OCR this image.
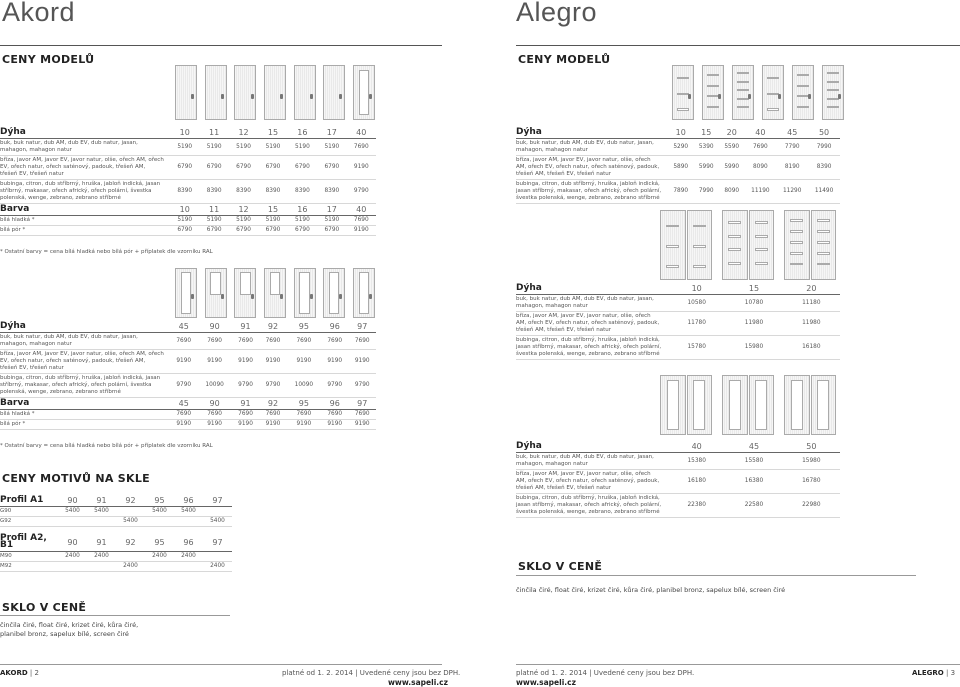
Akord
CENY MODELŮ
Dýha	10	11	12	15	16	17	40
buk, buk natur, dub AM, dub EV, dub natur, jasan, mahagon, mahagon natur	5190	5190	5190	5190	5190	5190	7690
bříza, javor AM, javor EV, javor natur, olše, ořech AM, ořech EV, ořech natur, ořech saténový, padouk, třešeň AM, třešeň EV, třešeň natur	6790	6790	6790	6790	6790	6790	9190
bubinga, citron, dub stříbrný, hruška, jabloň indická, jasan stříbrný, makasar, ořech africký, ořech polární, švestka polenská, wenge, zebrano, zebrano stříbrné	8390	8390	8390	8390	8390	8390	9790
Barva	10	11	12	15	16	17	40
bílá hladká *	5190	5190	5190	5190	5190	5190	7690
bílá pór *	6790	6790	6790	6790	6790	6790	9190
Dýha	45	90	91	92	95	96	97
buk, buk natur, dub AM, dub EV, dub natur, jasan, mahagon, mahagon natur	7690	7690	7690	7690	7690	7690	7690
bříza, javor AM, javor EV, javor natur, olše, ořech AM, ořech EV, ořech natur, ořech saténový, padouk, třešeň AM, třešeň EV, třešeň natur	9190	9190	9190	9190	9190	9190	9190
bubinga, citron, dub stříbrný, hruška, jabloň indická, jasan stříbrný, makasar, ořech africký, ořech polární, švestka polenská, wenge, zebrano, zebrano stříbrné	9790	10090	9790	9790	10090	9790	9790
Barva	45	90	91	92	95	96	97
bílá hladká *	7690	7690	7690	7690	7690	7690	7690
bílá pór *	9190	9190	9190	9190	9190	9190	9190
CENY MOTIVŮ NA SKLE
Profil A1	90	91	92	95	96	97
G90	5400	5400		5400	5400	
G92			5400			5400
Profil A2, B1	90	91	92	95	96	97
M90	2400	2400		2400	2400	
M92			2400			2400
SKLO V CENĚ
činčila čiré, float čiré, krizet čiré, kůra čiré, planibel bronz, sapelux bílé, screen čiré
AKORD | 2	platné od 1. 2. 2014 | Uvedené ceny jsou bez DPH.
www.sapeli.cz
Alegro
CENY MODELŮ
Dýha	10	15	20	40	45	50
buk, buk natur, dub AM, dub EV, dub natur, jasan, mahagon, mahagon natur	5290	5390	5590	7690	7790	7990
bříza, javor AM, javor EV, javor natur, olše, ořech AM, ořech EV, ořech natur, ořech saténový, padouk, třešeň AM, třešeň EV, třešeň natur	5890	5990	5990	8090	8190	8390
bubinga, citron, dub stříbrný, hruška, jabloň indická, jasan stříbrný, makasar, ořech africký, ořech polární, švestka polenská, wenge, zebrano, zebrano stříbrné	7890	7990	8090	11190	11290	11490
Dýha	10	15	20
buk, buk natur, dub AM, dub EV, dub natur, jasan, mahagon, mahagon natur	10580	10780	11180
bříza, javor AM, javor EV, javor natur, olše, ořech AM, ořech EV, ořech natur, ořech saténový, padouk, třešeň AM, třešeň EV, třešeň natur	11780	11980	11980
bubinga, citron, dub stříbrný, hruška, jabloň indická, jasan stříbrný, makasar, ořech africký, ořech polární, švestka polenská, wenge, zebrano, zebrano stříbrné	15780	15980	16180
Dýha	40	45	50
buk, buk natur, dub AM, dub EV, dub natur, jasan, mahagon, mahagon natur	15380	15580	15980
bříza, javor AM, javor EV, javor natur, olše, ořech AM, ořech EV, ořech natur, ořech saténový, padouk, třešeň AM, třešeň EV, třešeň natur	16180	16380	16780
bubinga, citron, dub stříbrný, hruška, jabloň indická, jasan stříbrný, makasar, ořech africký, ořech polární, švestka polenská, wenge, zebrano, zebrano stříbrné	22380	22580	22980
SKLO V CENĚ
činčila čiré, float čiré, krizet čiré, kůra čiré, planibel bronz, sapelux bílé, screen čiré
platné od 1. 2. 2014 | Uvedené ceny jsou bez DPH.
www.sapeli.cz
ALEGRO | 3
* Ostatní barvy = cena bílá hladká nebo bílá pór + příplatek dle vzorníku RAL
* Ostatní barvy = cena bílá hladká nebo bílá pór + příplatek dle vzorníku RAL
